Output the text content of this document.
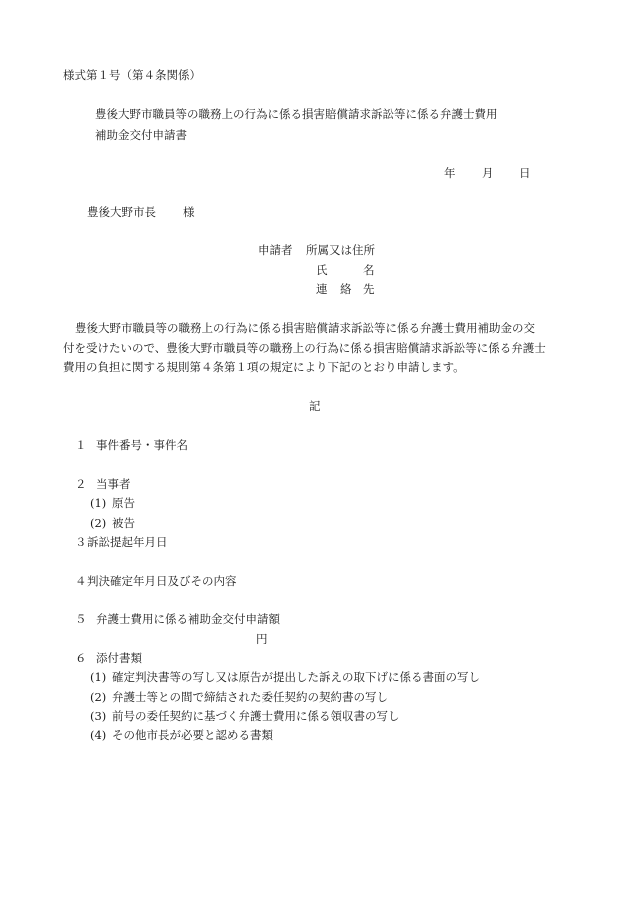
様式第１号（第４条関係）
豊後大野市職員等の職務上の行為に係る損害賠償請求訴訟等に係る弁護士費用
補助金交付申請書
年 月 日
豊後大野市長 様
申請者 所属又は住所
氏	名
連 絡 先
豊後大野市職員等の職務上の行為に係る損害賠償請求訴訟等に係る弁護士費用補助金の交
付を受けたいので、豊後大野市職員等の職務上の行為に係る損害賠償請求訴訟等に係る弁護士
費用の負担に関する規則第４条第１項の規定により下記のとおり申請します。
記
１ 事件番号・事件名
２ 当事者
(1) 原告
(2) 被告
３ 訴訟提起年月日
４ 判決確定年月日及びその内容
５ 弁護士費用に係る補助金交付申請額
円
６ 添付書類
(1) 確定判決書等の写し又は原告が提出した訴えの取下げに係る書面の写し
(2) 弁護士等との間で締結された委任契約の契約書の写し
(3) 前号の委任契約に基づく弁護士費用に係る領収書の写し
(4) その他市長が必要と認める書類
